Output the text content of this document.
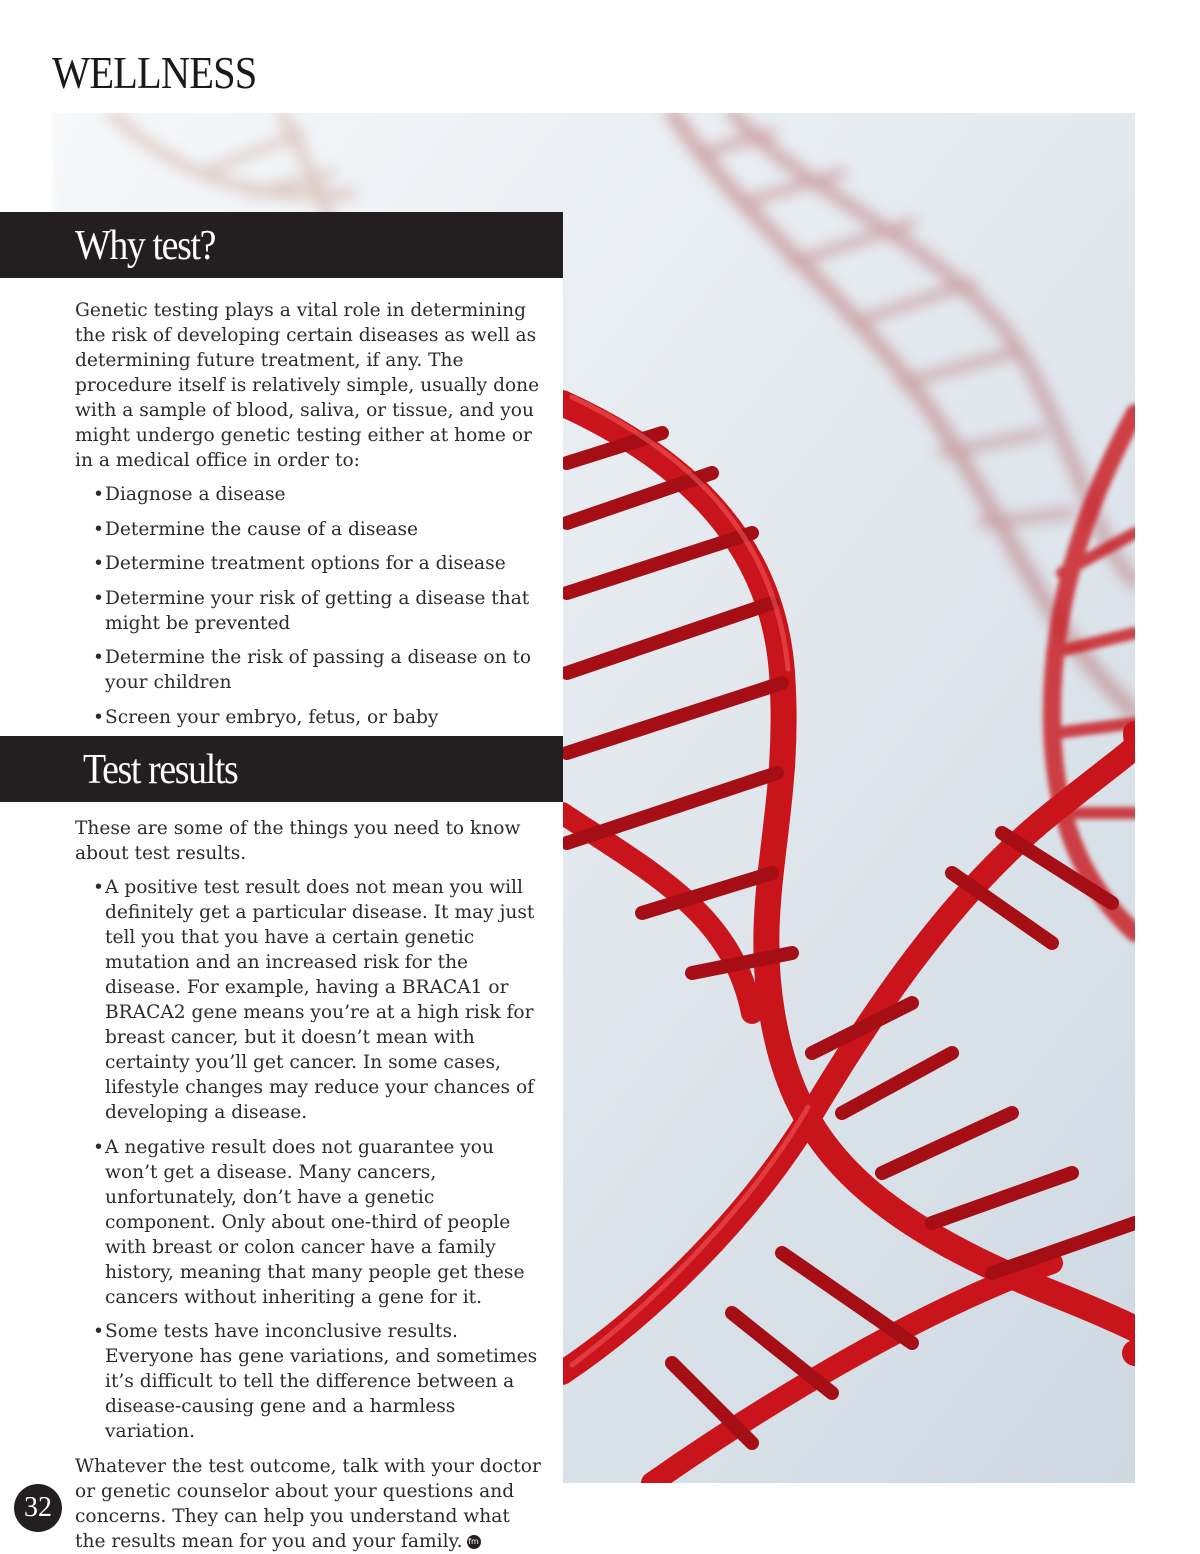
WELLNESS
Why test?

Genetic testing plays a vital role in determining the risk of developing certain diseases as well as determining future treatment, if any. The procedure itself is relatively simple, usually done with a sample of blood, saliva, or tissue, and you might undergo genetic testing either at home or in a medical office in order to:

• Diagnose a disease
• Determine the cause of a disease
• Determine treatment options for a disease
• Determine your risk of getting a disease that might be prevented
• Determine the risk of passing a disease on to your children
• Screen your embryo, fetus, or baby
Test results

These are some of the things you need to know about test results.

• A positive test result does not mean you will definitely get a particular disease. It may just tell you that you have a certain genetic mutation and an increased risk for the disease. For example, having a BRACA1 or BRACA2 gene means you’re at a high risk for breast cancer, but it doesn’t mean with certainty you’ll get cancer. In some cases, lifestyle changes may reduce your chances of developing a disease.
• A negative result does not guarantee you won’t get a disease. Many cancers, unfortunately, don’t have a genetic component. Only about one-third of people with breast or colon cancer have a family history, meaning that many people get these cancers without inheriting a gene for it.
• Some tests have inconclusive results. Everyone has gene variations, and sometimes it’s difficult to tell the difference between a disease-causing gene and a harmless variation.

Whatever the test outcome, talk with your doctor or genetic counselor about your questions and concerns. They can help you understand what the results mean for you and your family. fm

32
